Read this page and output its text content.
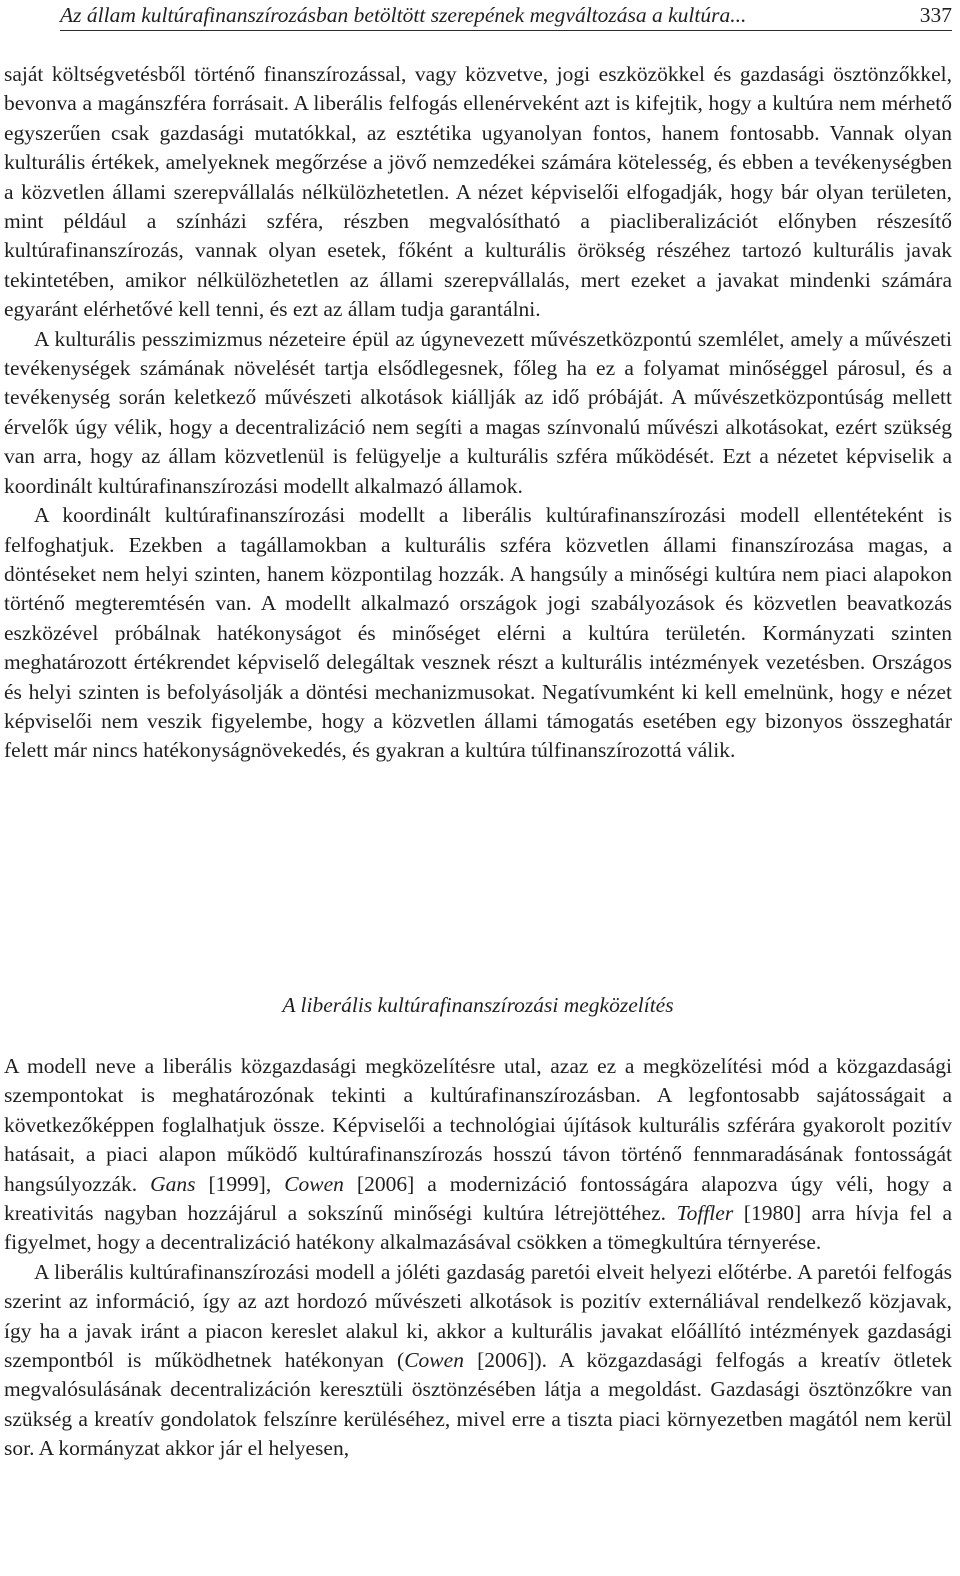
Az állam kultúrafinanszírozásban betöltött szerepének megváltozása a kultúra...	337

saját költségvetésből történő finanszírozással, vagy közvetve, jogi eszközökkel és gazdasági ösztönzőkkel, bevonva a magánszféra forrásait. A liberális felfogás ellenérveként azt is kifejtik, hogy a kultúra nem mérhető egyszerűen csak gazdasági mutatókkal, az esztétika ugyanolyan fontos, hanem fontosabb. Vannak olyan kulturális értékek, amelyeknek megőrzése a jövő nemzedékei számára kötelesség, és ebben a tevékenységben a közvetlen állami szerepvállalás nélkülözhetetlen. A nézet képviselői elfogadják, hogy bár olyan területen, mint például a színházi szféra, részben megvalósítható a piacliberalizációt előnyben részesítő kultúrafinanszírozás, vannak olyan esetek, főként a kulturális örökség részéhez tartozó kulturális javak tekintetében, amikor nélkülözhetetlen az állami szerepvállalás, mert ezeket a javakat mindenki számára egyaránt elérhetővé kell tenni, és ezt az állam tudja garantálni.

A kulturális pesszimizmus nézeteire épül az úgynevezett művészetközpontú szemlélet, amely a művészeti tevékenységek számának növelését tartja elsődlegesnek, főleg ha ez a folyamat minőséggel párosul, és a tevékenység során keletkező művészeti alkotások kiállják az idő próbáját. A művészetközpontúság mellett érvelők úgy vélik, hogy a decentralizáció nem segíti a magas színvonalú művészi alkotásokat, ezért szükség van arra, hogy az állam közvetlenül is felügyelje a kulturális szféra működését. Ezt a nézetet képviselik a koordinált kultúrafinanszírozási modellt alkalmazó államok.

A koordinált kultúrafinanszírozási modellt a liberális kultúrafinanszírozási modell ellentéteként is felfoghatjuk. Ezekben a tagállamokban a kulturális szféra közvetlen állami finanszírozása magas, a döntéseket nem helyi szinten, hanem központilag hozzák. A hangsúly a minőségi kultúra nem piaci alapokon történő megteremtésén van. A modellt alkalmazó országok jogi szabályozások és közvetlen beavatkozás eszközével próbálnak hatékonyságot és minőséget elérni a kultúra területén. Kormányzati szinten meghatározott értékrendet képviselő delegáltak vesznek részt a kulturális intézmények vezetésben. Országos és helyi szinten is befolyásolják a döntési mechanizmusokat. Negatívumként ki kell emelnünk, hogy e nézet képviselői nem veszik figyelembe, hogy a közvetlen állami támogatás esetében egy bizonyos összeghatár felett már nincs hatékonyságnövekedés, és gyakran a kultúra túlfinanszírozottá válik.

A liberális kultúrafinanszírozási megközelítés

A modell neve a liberális közgazdasági megközelítésre utal, azaz ez a megközelítési mód a közgazdasági szempontokat is meghatározónak tekinti a kultúrafinanszírozásban. A legfontosabb sajátosságait a következőképpen foglalhatjuk össze. Képviselői a technológiai újítások kulturális szférára gyakorolt pozitív hatásait, a piaci alapon működő kultúrafinanszírozás hosszú távon történő fennmaradásának fontosságát hangsúlyozzák. Gans [1999], Cowen [2006] a modernizáció fontosságára alapozva úgy véli, hogy a kreativitás nagyban hozzájárul a sokszínű minőségi kultúra létrejöttéhez. Toffler [1980] arra hívja fel a figyelmet, hogy a decentralizáció hatékony alkalmazásával csökken a tömegkultúra térnyerése.

A liberális kultúrafinanszírozási modell a jóléti gazdaság paretói elveit helyezi előtérbe. A paretói felfogás szerint az információ, így az azt hordozó művészeti alkotások is pozitív externáliával rendelkező közjavak, így ha a javak iránt a piacon kereslet alakul ki, akkor a kulturális javakat előállító intézmények gazdasági szempontból is működhetnek hatékonyan (Cowen [2006]). A közgazdasági felfogás a kreatív ötletek megvalósulásának decentralizáción keresztüli ösztönzésében látja a megoldást. Gazdasági ösztönzőkre van szükség a kreatív gondolatok felszínre kerüléséhez, mivel erre a tiszta piaci környezetben magától nem kerül sor. A kormányzat akkor jár el helyesen,
